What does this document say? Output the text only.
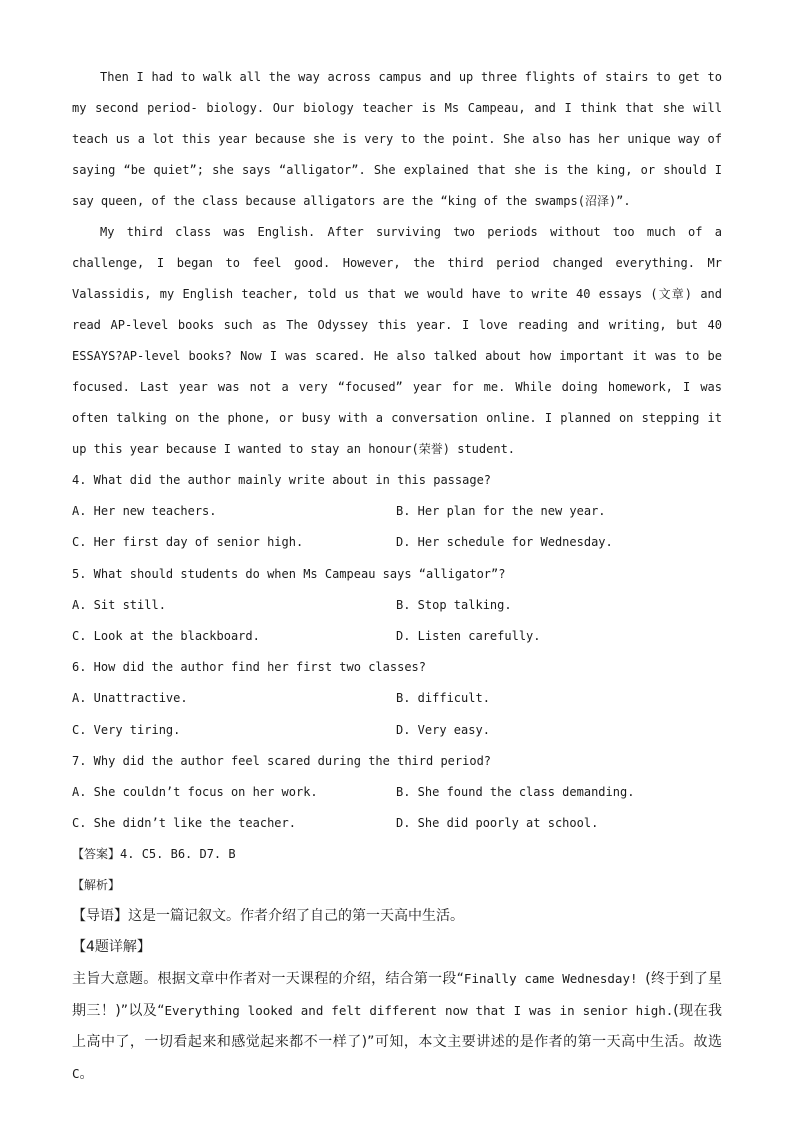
Then I had to walk all the way across campus and up three flights of stairs to get to my second period- biology. Our biology teacher is Ms Campeau, and I think that she will teach us a lot this year because she is very to the point. She also has her unique way of saying “be quiet”; she says “alligator”. She explained that she is the king, or should I say queen, of the class because alligators are the “king of the swamps(沼泽)”.

My third class was English. After surviving two periods without too much of a challenge, I began to feel good. However, the third period changed everything. Mr Valassidis, my English teacher, told us that we would have to write 40 essays (文章) and read AP-level books such as The Odyssey this year. I love reading and writing, but 40 ESSAYS?AP-level books? Now I was scared. He also talked about how important it was to be focused. Last year was not a very “focused” year for me. While doing homework, I was often talking on the phone, or busy with a conversation online. I planned on stepping it up this year because I wanted to stay an honour(荣誉) student.

4. What did the author mainly write about in this passage?

A. Her new teachers.	B. Her plan for the new year.
C. Her first day of senior high.	D. Her schedule for Wednesday.

5. What should students do when Ms Campeau says “alligator”?

A. Sit still.	B. Stop talking.
C. Look at the blackboard.	D. Listen carefully.

6. How did the author find her first two classes?

A. Unattractive.	B. difficult.
C. Very tiring.	D. Very easy.

7. Why did the author feel scared during the third period?

A. She couldn’t focus on her work.	B. She found the class demanding.
C. She didn’t like the teacher.	D. She did poorly at school.
【答案】4. C5. B6. D7. B
【解析】

【导语】这是一篇记叙文。作者介绍了自己的第一天高中生活。

【4题详解】

主旨大意题。根据文章中作者对一天课程的介绍，结合第一段“Finally came Wednesday! (终于到了星期三！)”以及“Everything looked and felt different now that I was in senior high.(现在我上高中了，一切看起来和感觉起来都不一样了)”可知，本文主要讲述的是作者的第一天高中生活。故选C。
